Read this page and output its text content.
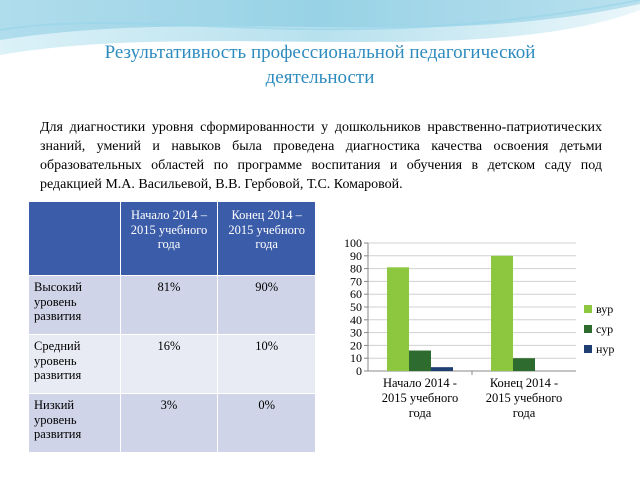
Результативность профессиональной педагогической
деятельности
Для диагностики уровня сформированности у дошкольников нравственно-патриотических знаний, умений и навыков была проведена диагностика качества освоения детьми образовательных областей по программе воспитания и обучения в детском саду под редакцией М.А. Васильевой, В.В. Гербовой, Т.С. Комаровой.
	Начало 2014 – 2015 учебного года	Конец 2014 – 2015 учебного года
Высокий уровень развития	81%	90%
Средний уровень развития	16%	10%
Низкий уровень развития	3%	0%
0
10
20
30
40
50
60
70
80
90
100
Начало 2014 -
2015 учебного
года
Конец 2014 -
2015 учебного
года
вур
сур
нур
